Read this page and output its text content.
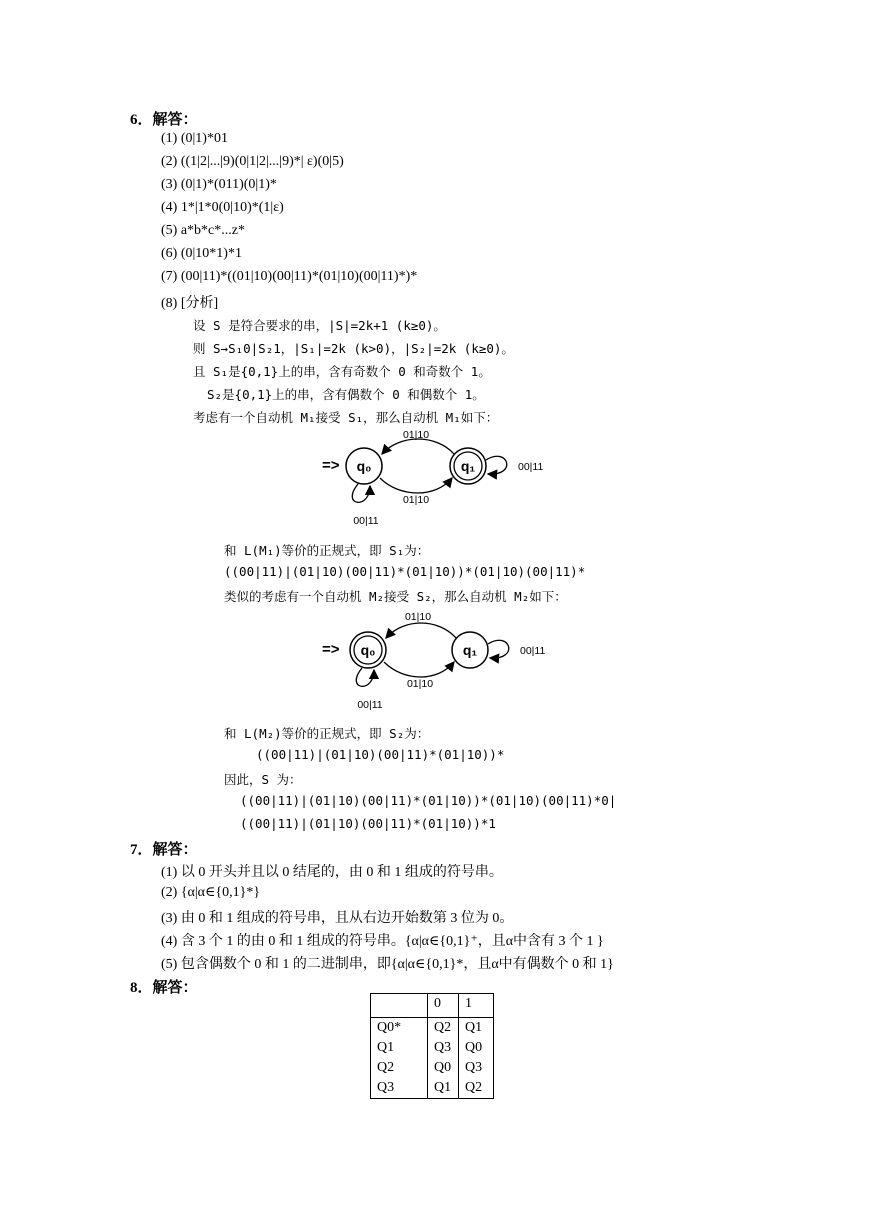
6．解答：
(1) (0|1)*01
(2) ((1|2|...|9)(0|1|2|...|9)*| ε)(0|5)
(3) (0|1)*(011)(0|1)*
(4) 1*|1*0(0|10)*(1|ε)
(5) a*b*c*...z*
(6) (0|10*1)*1
(7) (00|11)*((01|10)(00|11)*(01|10)(00|11)*)*
(8) [分析]
设 S 是符合要求的串，|S|=2k+1 (k≥0)。
则 S→S₁0|S₂1，|S₁|=2k (k>0)，|S₂|=2k (k≥0)。
且 S₁是{0,1}上的串，含有奇数个 0 和奇数个 1。
S₂是{0,1}上的串，含有偶数个 0 和偶数个 1。
考虑有一个自动机 M₁接受 S₁，那么自动机 M₁如下：
=> q₀	q₁
01|10
01|10
00|11
00|11
和 L(M₁)等价的正规式，即 S₁为：
((00|11)|(01|10)(00|11)*(01|10))*(01|10)(00|11)*
类似的考虑有一个自动机 M₂接受 S₂，那么自动机 M₂如下：
=> q₀	q₁
01|10
01|10
00|11
00|11
和 L(M₂)等价的正规式，即 S₂为：
((00|11)|(01|10)(00|11)*(01|10))*
因此，S 为：
((00|11)|(01|10)(00|11)*(01|10))*(01|10)(00|11)*0|
((00|11)|(01|10)(00|11)*(01|10))*1
7．解答：
(1) 以 0 开头并且以 0 结尾的，由 0 和 1 组成的符号串。
(2) {α|α∈{0,1}*}
(3) 由 0 和 1 组成的符号串，且从右边开始数第 3 位为 0。
(4) 含 3 个 1 的由 0 和 1 组成的符号串。{α|α∈{0,1}⁺，且α中含有 3 个 1 }
(5) 包含偶数个 0 和 1 的二进制串，即{α|α∈{0,1}*，且α中有偶数个 0 和 1}
8．解答：
	0	1
Q0*	Q2	Q1
Q1	Q3	Q0
Q2	Q0	Q3
Q3	Q1	Q2
